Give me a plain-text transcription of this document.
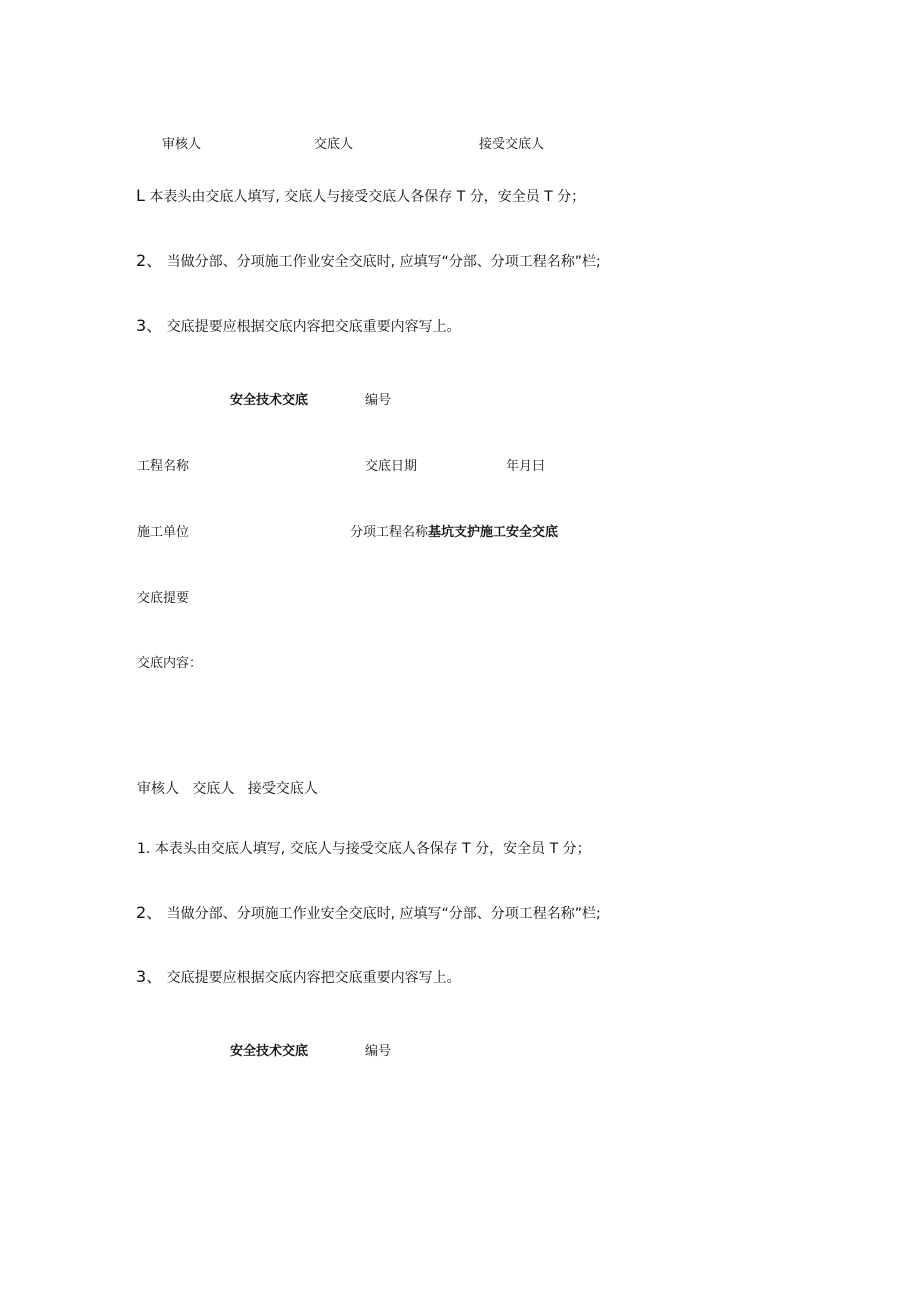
审核人	交底人	接受交底人
L 本表头由交底人填写, 交底人与接受交底人各保存 T 分，安全员 T 分；
2、 当做分部、分项施工作业安全交底时, 应填写“分部、分项工程名称”栏;
3、 交底提要应根据交底内容把交底重要内容写上。
安全技术交底	编号
工程名称	交底日期	年月曰
施工单位	分项工程名称基坑支护施工安全交底
交底提要
交底内容：
审核人   交底人   接受交底人
1. 本表头由交底人填写, 交底人与接受交底人各保存 T 分，安全员 T 分；
2、 当做分部、分项施工作业安全交底时, 应填写“分部、分项工程名称”栏;
3、 交底提要应根据交底内容把交底重要内容写上。
安全技术交底	编号
